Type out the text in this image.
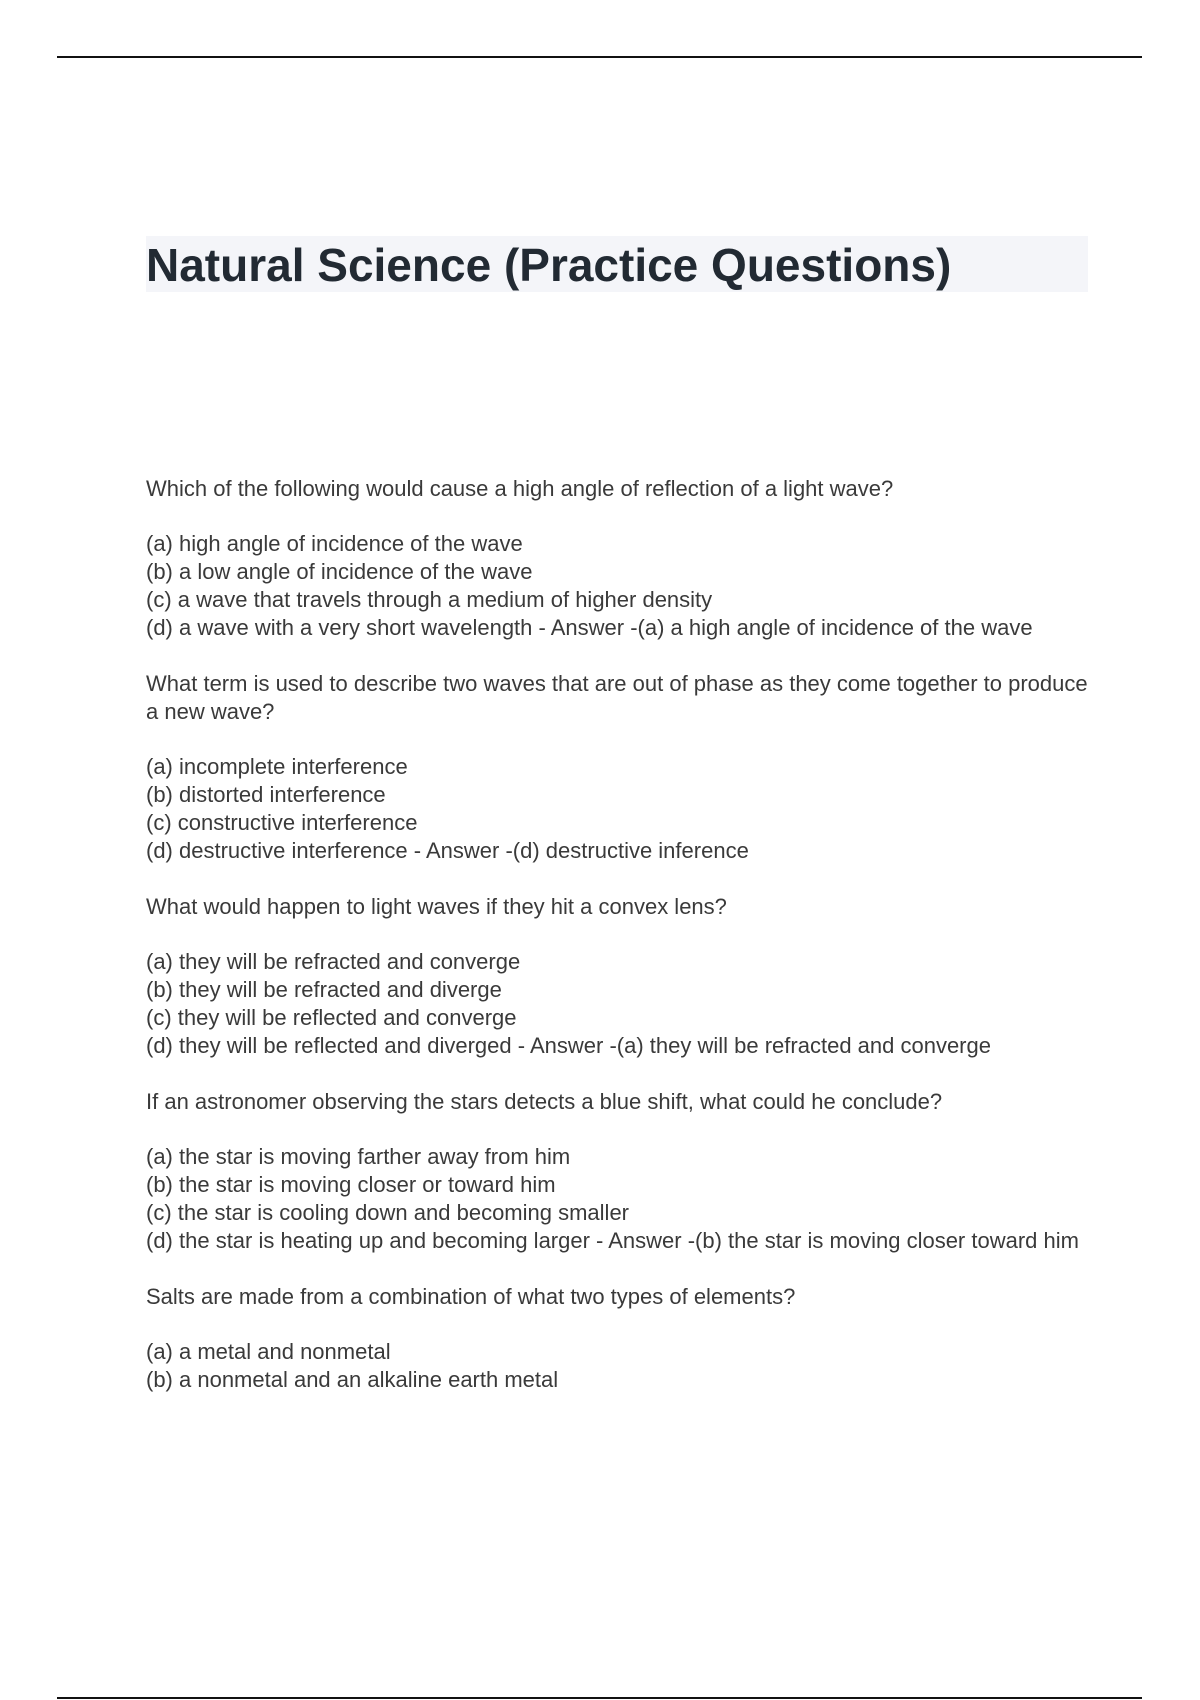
Natural Science (Practice Questions)

Which of the following would cause a high angle of reflection of a light wave?

(a) high angle of incidence of the wave

(b) a low angle of incidence of the wave

(c) a wave that travels through a medium of higher density

(d) a wave with a very short wavelength - Answer -(a) a high angle of incidence of the wave

What term is used to describe two waves that are out of phase as they come together to produce a new wave?

(a) incomplete interference

(b) distorted interference

(c) constructive interference

(d) destructive interference - Answer -(d) destructive inference

What would happen to light waves if they hit a convex lens?

(a) they will be refracted and converge

(b) they will be refracted and diverge

(c) they will be reflected and converge

(d) they will be reflected and diverged - Answer -(a) they will be refracted and converge

If an astronomer observing the stars detects a blue shift, what could he conclude?

(a) the star is moving farther away from him

(b) the star is moving closer or toward him

(c) the star is cooling down and becoming smaller

(d) the star is heating up and becoming larger - Answer -(b) the star is moving closer toward him

Salts are made from a combination of what two types of elements?

(a) a metal and nonmetal

(b) a nonmetal and an alkaline earth metal
